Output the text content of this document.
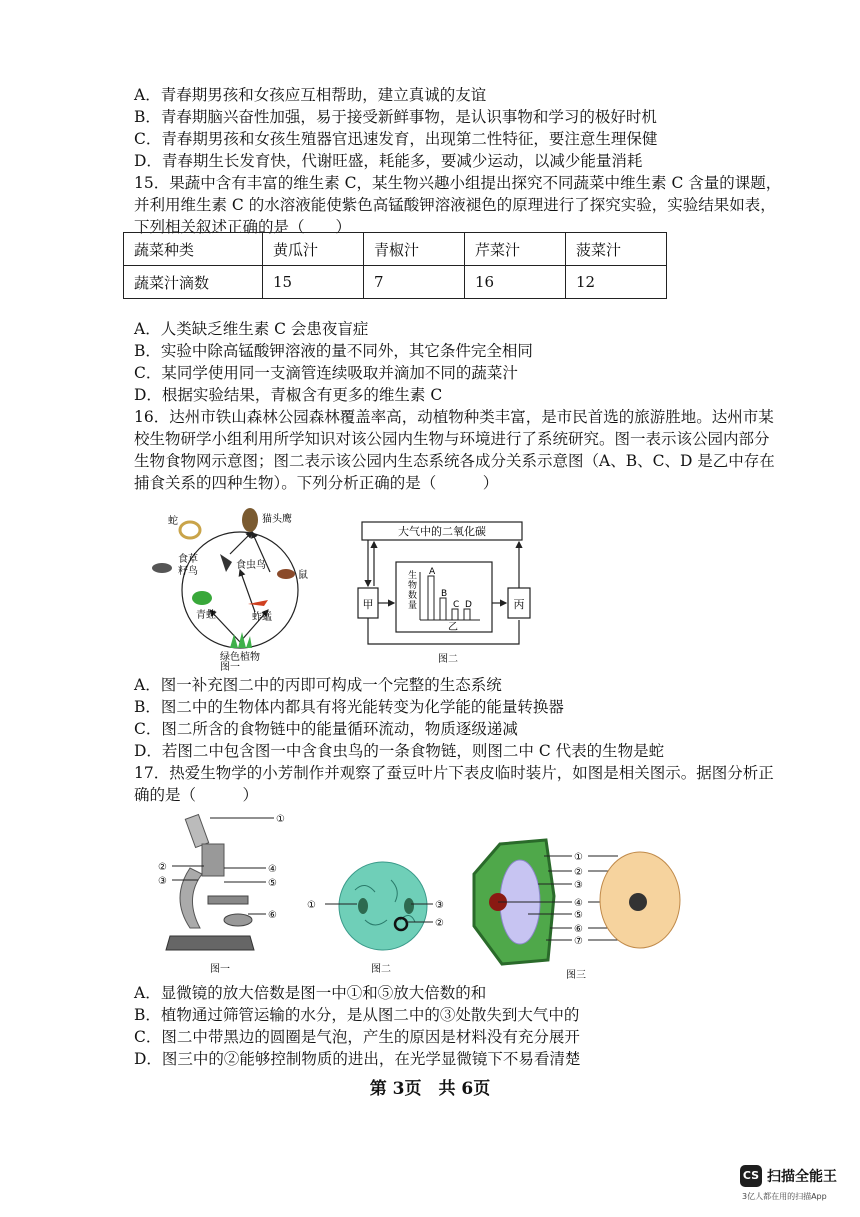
A．青春期男孩和女孩应互相帮助，建立真诚的友谊
B．青春期脑兴奋性加强，易于接受新鲜事物，是认识事物和学习的极好时机
C．青春期男孩和女孩生殖器官迅速发育，出现第二性特征，要注意生理保健
D．青春期生长发育快，代谢旺盛，耗能多，要减少运动，以减少能量消耗
15．果蔬中含有丰富的维生素 C，某生物兴趣小组提出探究不同蔬菜中维生素 C 含量的课题，
并利用维生素 C 的水溶液能使紫色高锰酸钾溶液褪色的原理进行了探究实验，实验结果如表，
下列相关叙述正确的是（　　）
蔬菜种类	黄瓜汁	青椒汁	芹菜汁	菠菜汁
蔬菜汁滴数	15	7	16	12
A．人类缺乏维生素 C 会患夜盲症
B．实验中除高锰酸钾溶液的量不同外，其它条件完全相同
C．某同学使用同一支滴管连续吸取并滴加不同的蔬菜汁
D．根据实验结果，青椒含有更多的维生素 C
16．达州市铁山森林公园森林覆盖率高，动植物种类丰富，是市民首选的旅游胜地。达州市某
校生物研学小组利用所学知识对该公园内生物与环境进行了系统研究。图一表示该公园内部分
生物食物网示意图；图二表示该公园内生态系统各成分关系示意图（A、B、C、D 是乙中存在
捕食关系的四种生物）。下列分析正确的是（　　　）
蛇	猫头鹰
食草
籽鸟
食虫鸟
鼠
青蛙	蚱蜢
绿色植物
图一
大气中的二氧化碳
甲	丙
生
物
数
量
A
B
C D
乙
图二
A．图一补充图二中的丙即可构成一个完整的生态系统
B．图二中的生物体内都具有将光能转变为化学能的能量转换器
C．图二所含的食物链中的能量循环流动，物质逐级递减
D．若图二中包含图一中含食虫鸟的一条食物链，则图二中 C 代表的生物是蛇
17．热爱生物学的小芳制作并观察了蚕豆叶片下表皮临时装片，如图是相关图示。据图分析正
确的是（　　　）
①
②
③
④
⑤
⑥
图一
①	③
②
图二
①
②
③
④
⑤
⑥
⑦
图三
A．显微镜的放大倍数是图一中①和⑤放大倍数的和
B．植物通过筛管运输的水分，是从图二中的③处散失到大气中的
C．图二中带黑边的圆圈是气泡，产生的原因是材料没有充分展开
D．图三中的②能够控制物质的进出，在光学显微镜下不易看清楚
第 3页　共 6页
CS 扫描全能王
3亿人都在用的扫描App
